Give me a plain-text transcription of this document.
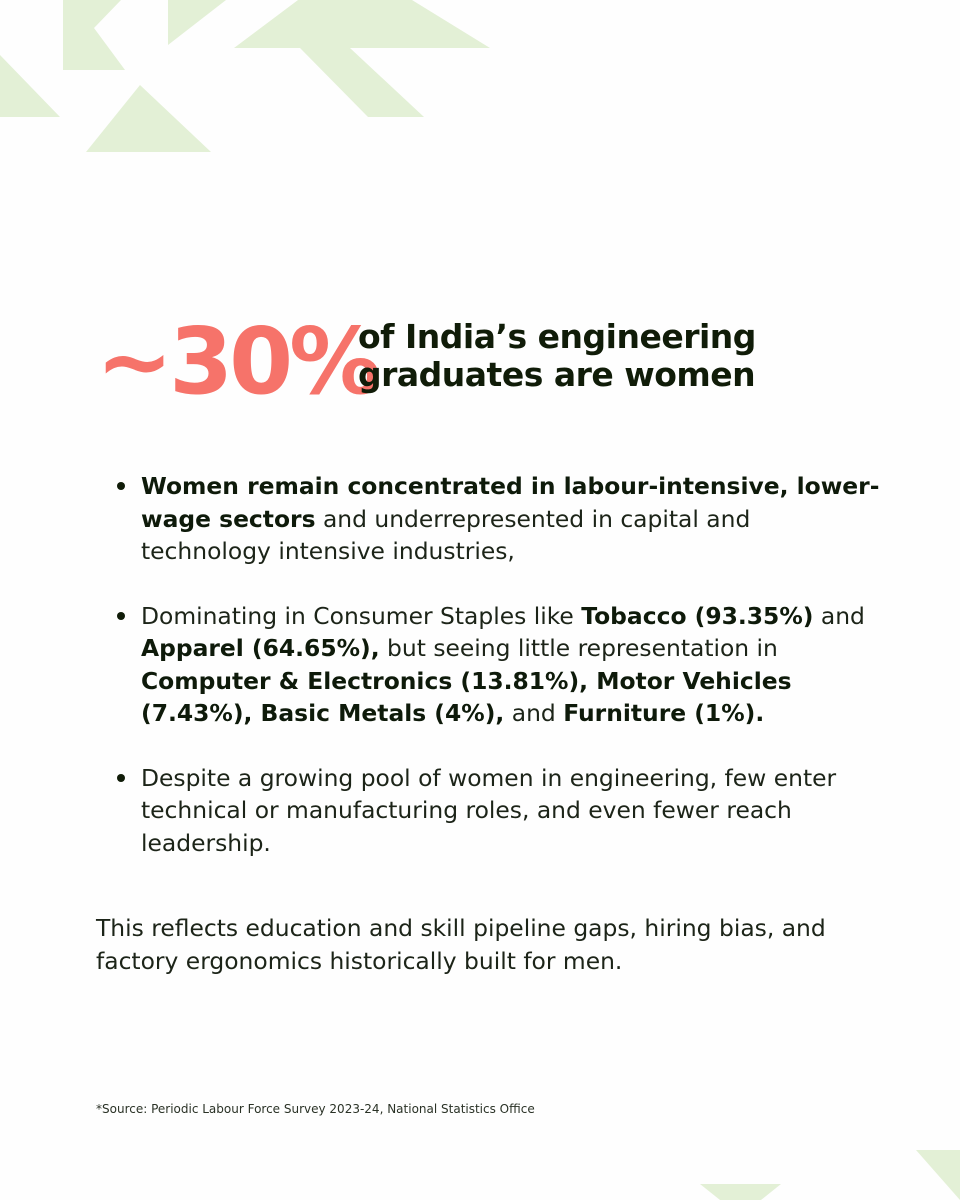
~30%
of India’s engineering
graduates are women
Women remain concentrated in labour-intensive, lower-wage sectors and underrepresented in capital and technology intensive industries,
Dominating in Consumer Staples like Tobacco (93.35%) and Apparel (64.65%), but seeing little representation in Computer & Electronics (13.81%), Motor Vehicles (7.43%), Basic Metals (4%), and Furniture (1%).
Despite a growing pool of women in engineering, few enter technical or manufacturing roles, and even fewer reach leadership.
This reflects education and skill pipeline gaps, hiring bias, and factory ergonomics historically built for men.
*Source: Periodic Labour Force Survey 2023-24, National Statistics Office
